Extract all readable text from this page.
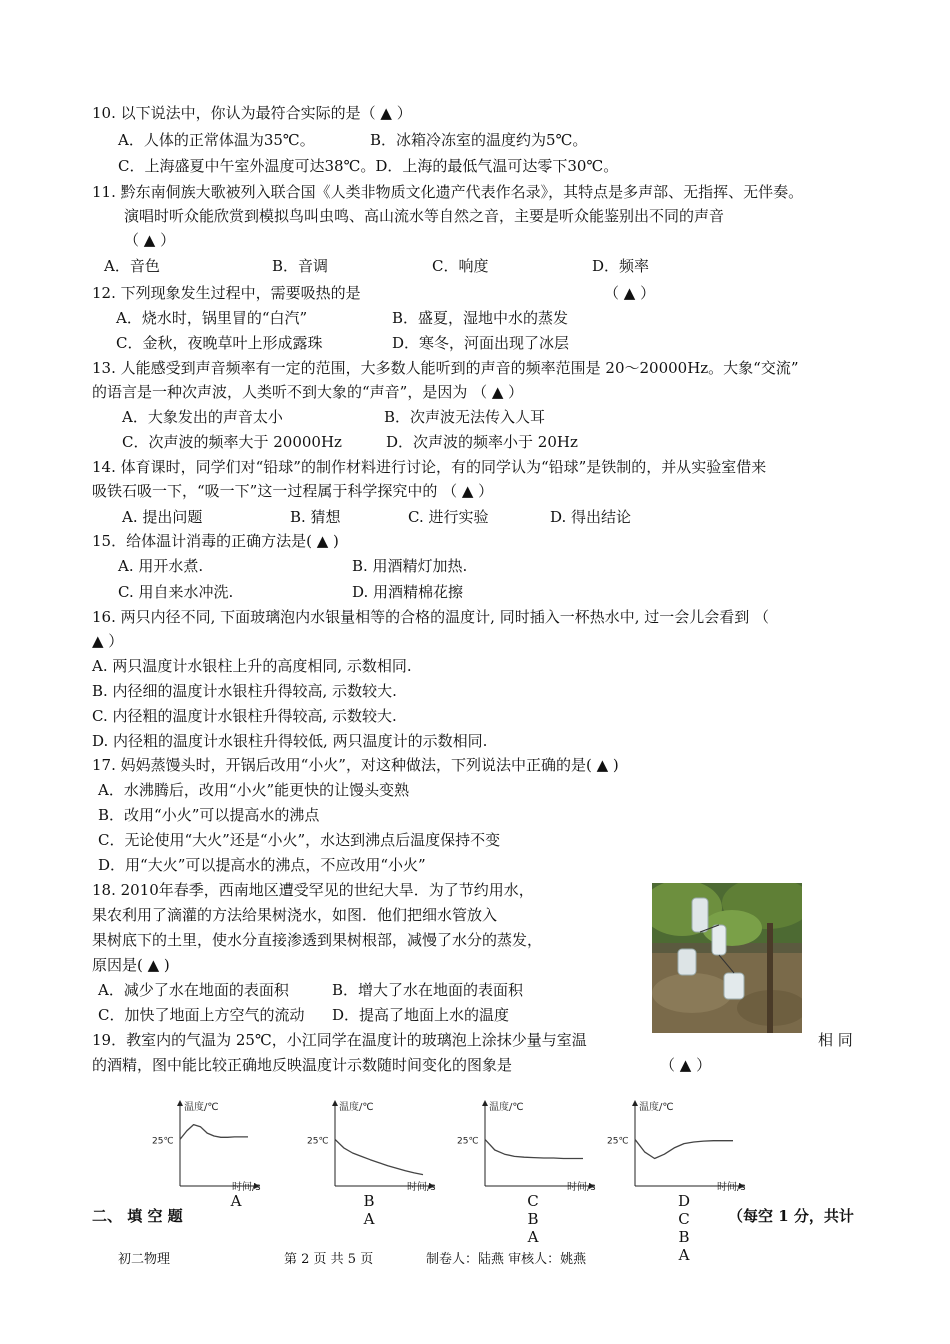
10. 以下说法中，你认为最符合实际的是（ ▲ ）
A．人体的正常体温为35℃。	B．冰箱冷冻室的温度约为5℃。
C．上海盛夏中午室外温度可达38℃。D．上海的最低气温可达零下30℃。
11. 黔东南侗族大歌被列入联合国《人类非物质文化遗产代表作名录》，其特点是多声部、无指挥、无伴奏。
演唱时听众能欣赏到模拟鸟叫虫鸣、高山流水等自然之音，主要是听众能鉴别出不同的声音
（ ▲ ）
A．音色	B．音调	C．响度	D．频率
12. 下列现象发生过程中，需要吸热的是	（ ▲ ）
A．烧水时，锅里冒的“白汽”	B．盛夏，湿地中水的蒸发
C．金秋，夜晚草叶上形成露珠	D．寒冬，河面出现了冰层
13. 人能感受到声音频率有一定的范围，大多数人能听到的声音的频率范围是 20～20000Hz。大象“交流”
的语言是一种次声波，人类听不到大象的“声音”，是因为 （ ▲ ）
A．大象发出的声音太小	B．次声波无法传入人耳
C．次声波的频率大于 20000Hz	D．次声波的频率小于 20Hz
14. 体育课时，同学们对“铅球”的制作材料进行讨论，有的同学认为“铅球”是铁制的，并从实验室借来
吸铁石吸一下，“吸一下”这一过程属于科学探究中的 （ ▲ ）
A. 提出问题	B. 猜想	C. 进行实验	D. 得出结论
15．给体温计消毒的正确方法是( ▲ )
A. 用开水煮.	B. 用酒精灯加热.
C. 用自来水冲洗.	D. 用酒精棉花擦
16. 两只内径不同, 下面玻璃泡内水银量相等的合格的温度计, 同时插入一杯热水中, 过一会儿会看到 （
▲ ）
A. 两只温度计水银柱上升的高度相同, 示数相同.
B. 内径细的温度计水银柱升得较高, 示数较大.
C. 内径粗的温度计水银柱升得较高, 示数较大.
D. 内径粗的温度计水银柱升得较低, 两只温度计的示数相同.
17. 妈妈蒸馒头时，开锅后改用“小火”，对这种做法，下列说法中正确的是( ▲ )
A．水沸腾后，改用“小火”能更快的让馒头变熟
B．改用“小火”可以提高水的沸点
C．无论使用“大火”还是“小火”，水达到沸点后温度保持不变
D．用“大火”可以提高水的沸点，不应改用“小火”
18. 2010年春季，西南地区遭受罕见的世纪大旱．为了节约用水，
果农利用了滴灌的方法给果树浇水，如图．他们把细水管放入
果树底下的土里，使水分直接渗透到果树根部，减慢了水分的蒸发，
原因是( ▲ )
A．减少了水在地面的表面积	B．增大了水在地面的表面积
C．加快了地面上方空气的流动 D．提高了地面上水的温度
19．教室内的气温为 25℃，小江同学在温度计的玻璃泡上涂抹少量与室温	相 同
的酒精，图中能比较正确地反映温度计示数随时间变化的图象是	（ ▲ ）
温度/℃
时间/s
25℃
温度/℃
时间/s
25℃
温度/℃
时间/s
25℃
温度/℃
时间/s
25℃
A	B
A
C
B
A
D
C
B
A
二、 填 空 题	（每空 1 分，共计
初二物理	第 2 页 共 5 页	制卷人：陆燕 审核人：姚燕
